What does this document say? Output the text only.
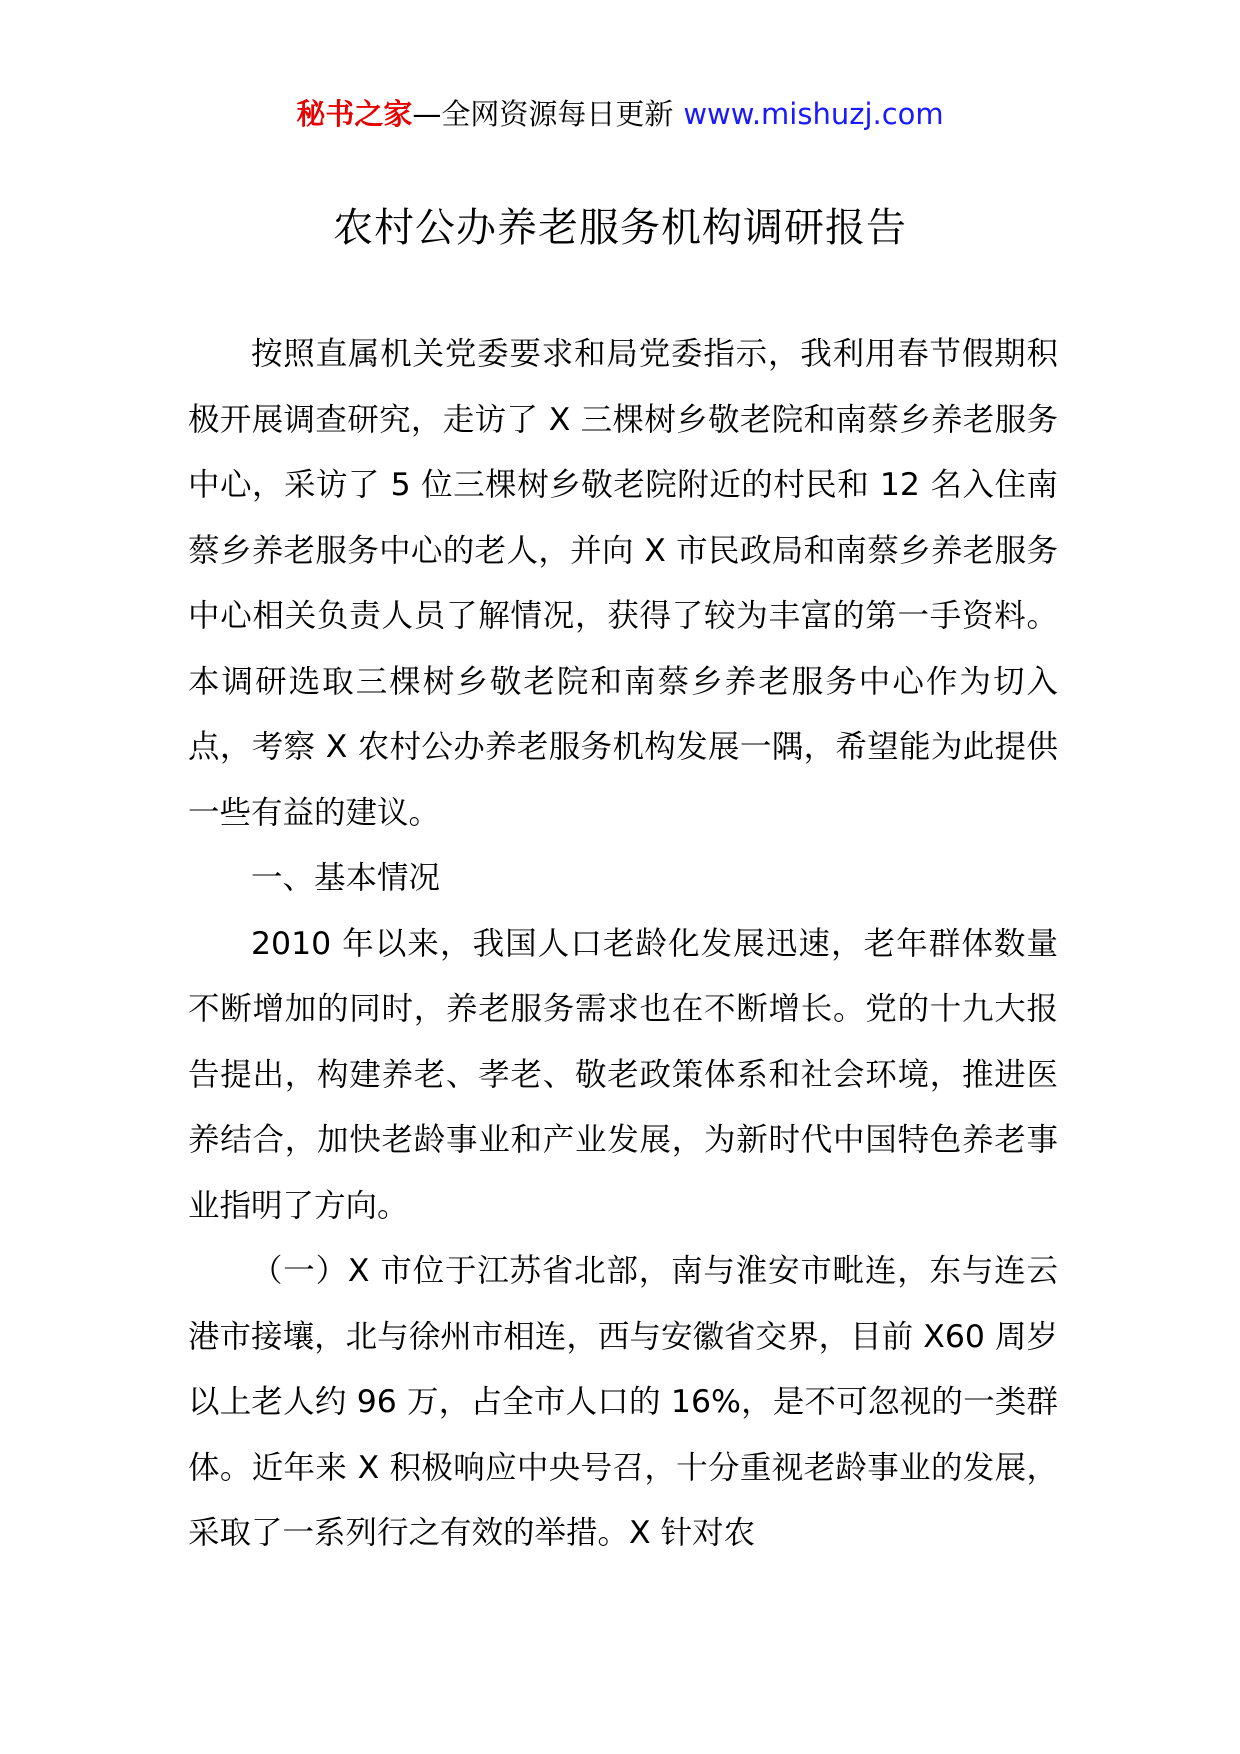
秘书之家—全网资源每日更新 www.mishuzj.com
农村公办养老服务机构调研报告

按照直属机关党委要求和局党委指示，我利用春节假期积极开展调查研究，走访了 X 三棵树乡敬老院和南蔡乡养老服务中心，采访了 5 位三棵树乡敬老院附近的村民和 12 名入住南蔡乡养老服务中心的老人，并向 X 市民政局和南蔡乡养老服务中心相关负责人员了解情况，获得了较为丰富的第一手资料。本调研选取三棵树乡敬老院和南蔡乡养老服务中心作为切入点，考察 X 农村公办养老服务机构发展一隅，希望能为此提供一些有益的建议。

一、基本情况

2010 年以来，我国人口老龄化发展迅速，老年群体数量不断增加的同时，养老服务需求也在不断增长。党的十九大报告提出，构建养老、孝老、敬老政策体系和社会环境，推进医养结合，加快老龄事业和产业发展，为新时代中国特色养老事业指明了方向。

（一）X 市位于江苏省北部，南与淮安市毗连，东与连云港市接壤，北与徐州市相连，西与安徽省交界，目前 X60 周岁以上老人约 96 万，占全市人口的 16%，是不可忽视的一类群体。近年来 X 积极响应中央号召，十分重视老龄事业的发展，采取了一系列行之有效的举措。X 针对农
